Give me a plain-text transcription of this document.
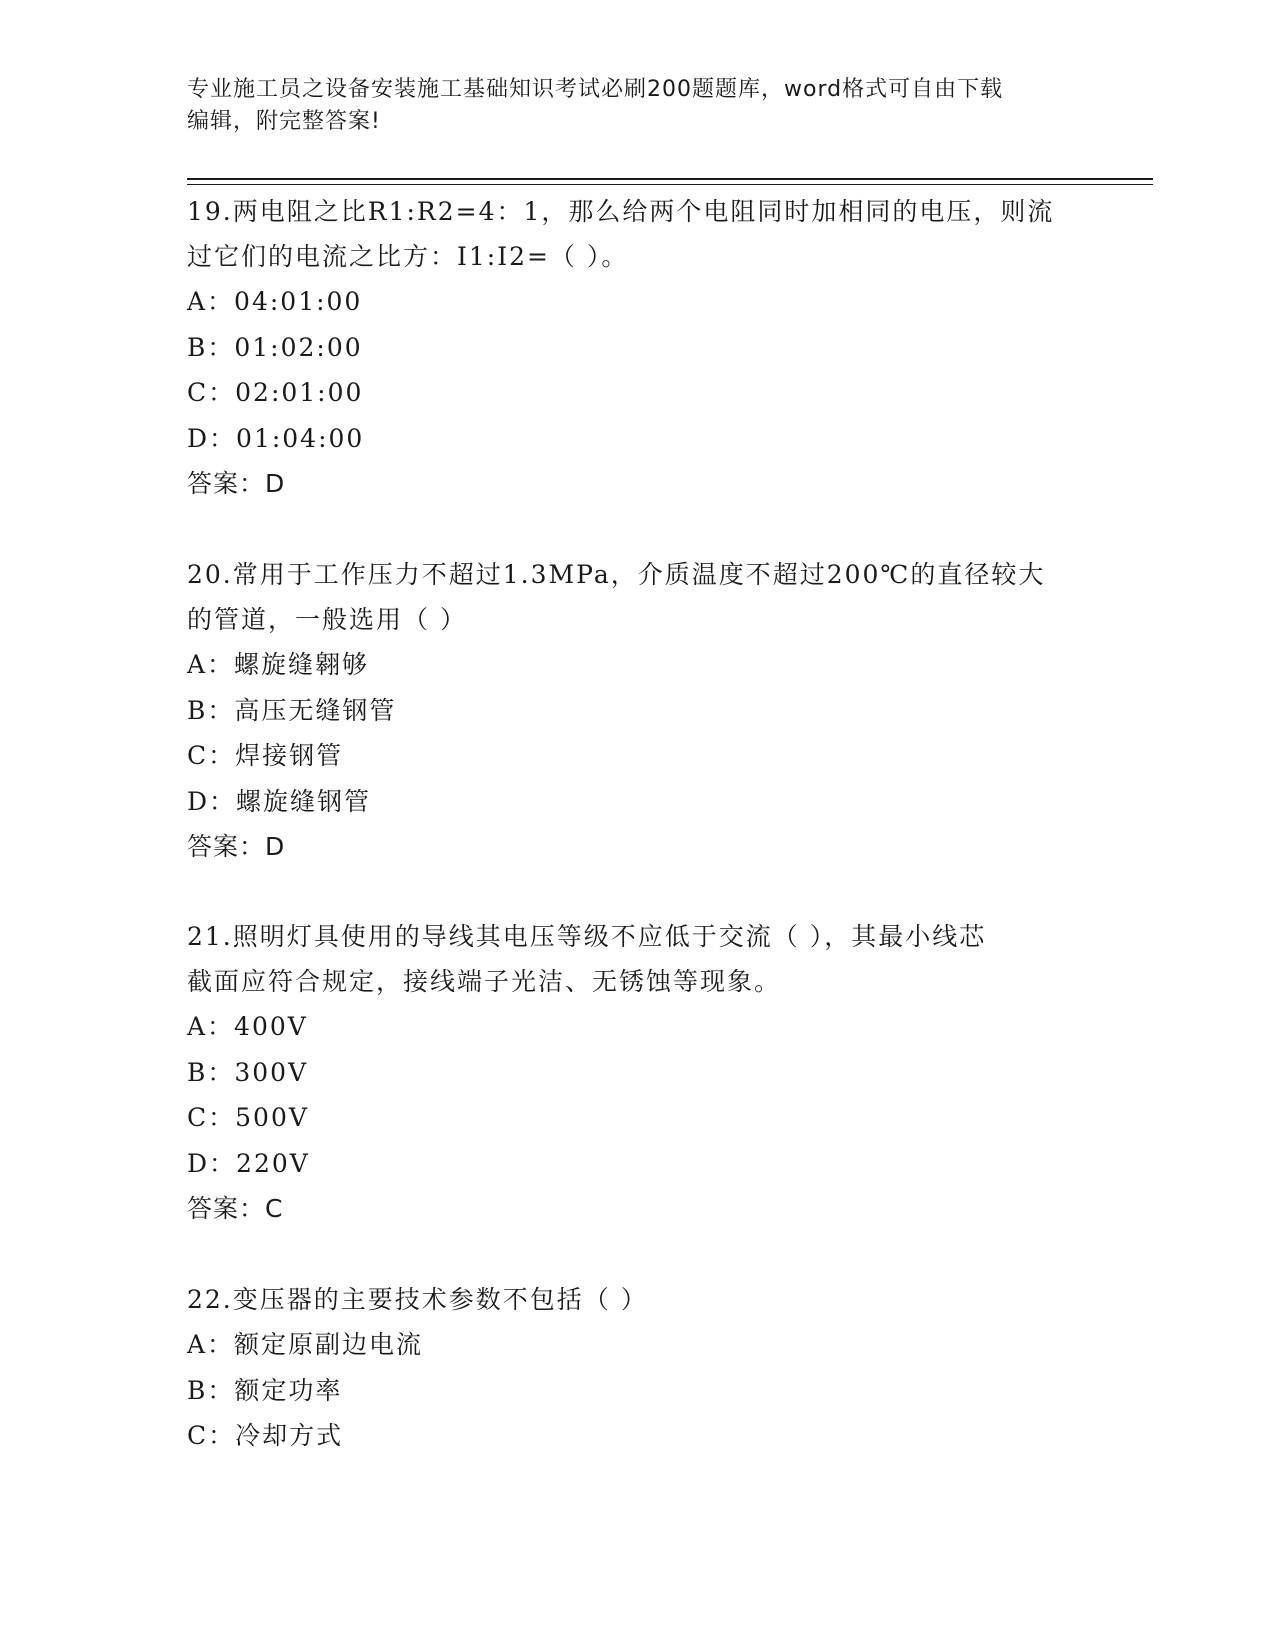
专业施工员之设备安装施工基础知识考试必刷200题题库，word格式可自由下载
编辑，附完整答案!

19.两电阻之比R1:R2=4：1，那么给两个电阻同时加相同的电压，则流

过它们的电流之比方：I1:I2=（ ）。

A：04:01:00

B：01:02:00

C：02:01:00

D：01:04:00

答案：D

20.常用于工作压力不超过1.3MPa，介质温度不超过200℃的直径较大

的管道，一般选用（ ）

A：螺旋缝翱够

B：高压无缝钢管

C：焊接钢管

D：螺旋缝钢管

答案：D

21.照明灯具使用的导线其电压等级不应低于交流（ ），其最小线芯

截面应符合规定，接线端子光洁、无锈蚀等现象。

A：400V

B：300V

C：500V

D：220V

答案：C

22.变压器的主要技术参数不包括（ ）

A：额定原副边电流

B：额定功率

C：冷却方式
